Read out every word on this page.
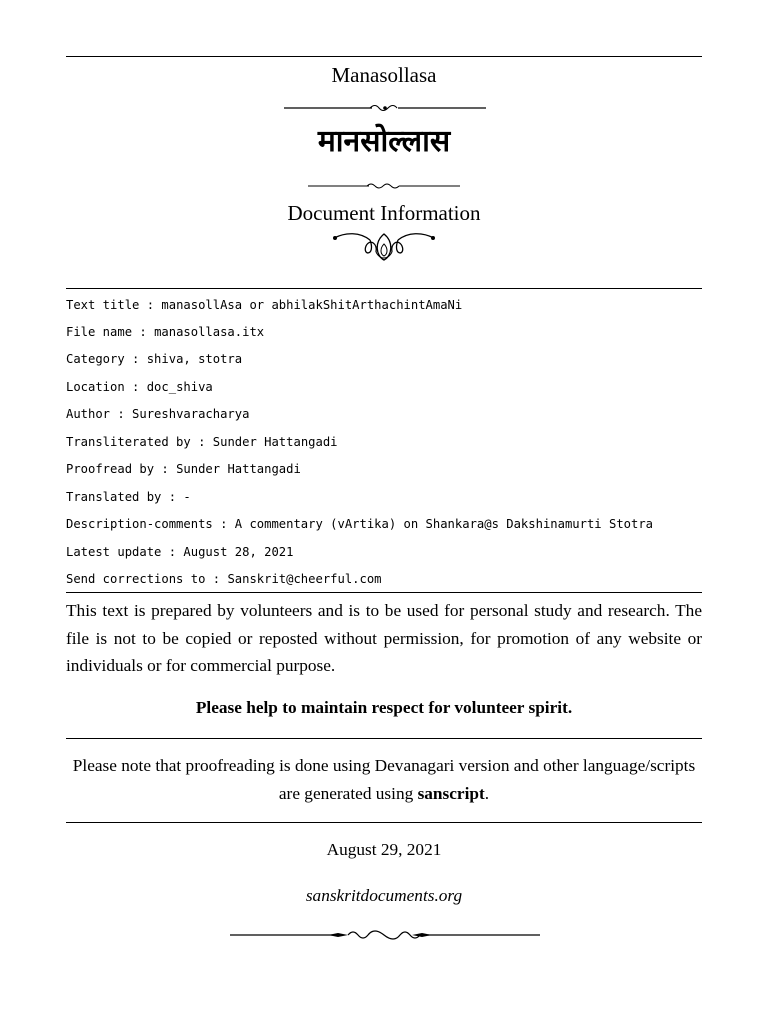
Manasollasa
मानसोल्लास
Document Information
Text title : manasollAsa or abhilakShitArthachintAmaNi
File name : manasollasa.itx
Category : shiva, stotra
Location : doc_shiva
Author : Sureshvaracharya
Transliterated by : Sunder Hattangadi
Proofread by : Sunder Hattangadi
Translated by : -
Description-comments : A commentary (vArtika) on Shankara@s Dakshinamurti Stotra
Latest update : August 28, 2021
Send corrections to : Sanskrit@cheerful.com
This text is prepared by volunteers and is to be used for personal study and research. The file is not to be copied or reposted without permission, for promotion of any website or individuals or for commercial purpose.
Please help to maintain respect for volunteer spirit.
Please note that proofreading is done using Devanagari version and other language/scripts are generated using sanscript.
August 29, 2021
sanskritdocuments.org
